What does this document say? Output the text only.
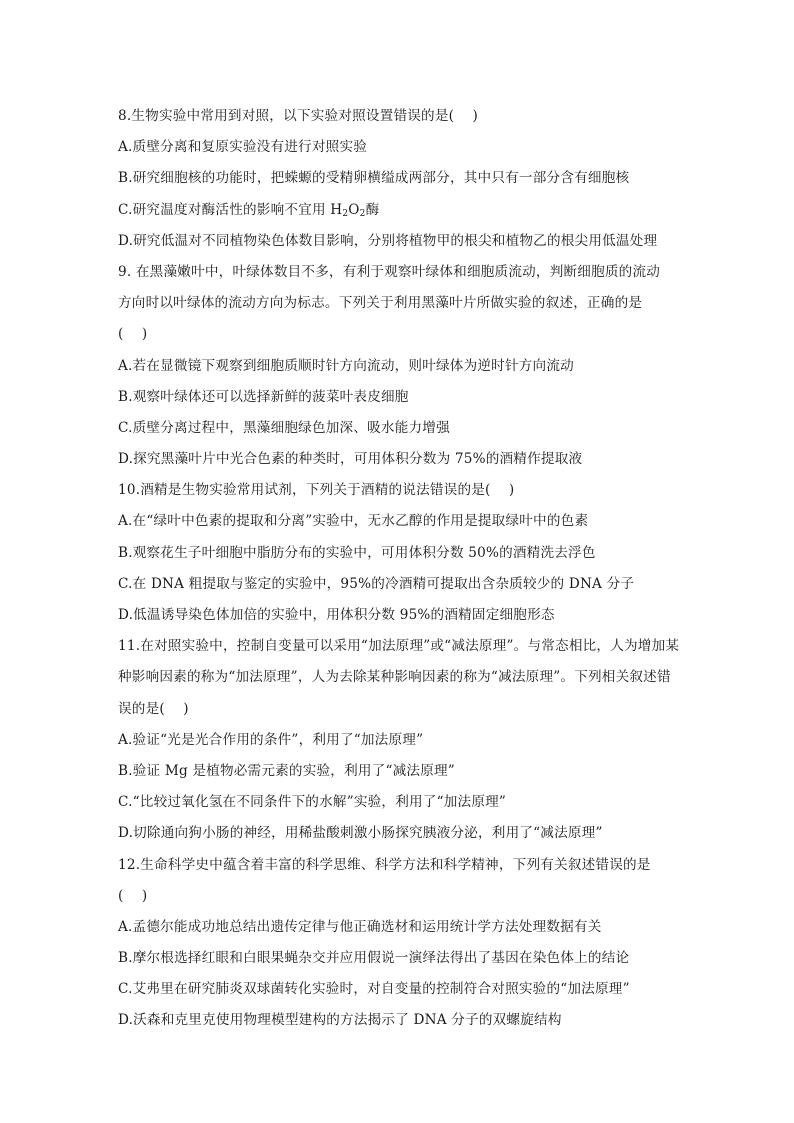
8.生物实验中常用到对照，以下实验对照设置错误的是(　 )
A.质壁分离和复原实验没有进行对照实验
B.研究细胞核的功能时，把蝾螈的受精卵横缢成两部分，其中只有一部分含有细胞核
C.研究温度对酶活性的影响不宜用 $H_2O_2$酶
D.研究低温对不同植物染色体数目影响，分别将植物甲的根尖和植物乙的根尖用低温处理
9. 在黑藻嫩叶中，叶绿体数目不多，有利于观察叶绿体和细胞质流动，判断细胞质的流动
方向时以叶绿体的流动方向为标志。下列关于利用黑藻叶片所做实验的叙述，正确的是
(　 )
A.若在显微镜下观察到细胞质顺时针方向流动，则叶绿体为逆时针方向流动
B.观察叶绿体还可以选择新鲜的菠菜叶表皮细胞
C.质壁分离过程中，黑藻细胞绿色加深、吸水能力增强
D.探究黑藻叶片中光合色素的种类时，可用体积分数为 75%的酒精作提取液
10.酒精是生物实验常用试剂，下列关于酒精的说法错误的是(　 )
A.在“绿叶中色素的提取和分离”实验中，无水乙醇的作用是提取绿叶中的色素
B.观察花生子叶细胞中脂肪分布的实验中，可用体积分数 50%的酒精洗去浮色
C.在 DNA 粗提取与鉴定的实验中，95%的冷酒精可提取出含杂质较少的 DNA 分子
D.低温诱导染色体加倍的实验中，用体积分数 95%的酒精固定细胞形态
11.在对照实验中，控制自变量可以采用“加法原理”或“减法原理”。与常态相比，人为增加某
种影响因素的称为“加法原理”，人为去除某种影响因素的称为“减法原理”。下列相关叙述错
误的是(　 )
A.验证“光是光合作用的条件”，利用了“加法原理”
B.验证 Mg 是植物必需元素的实验，利用了“减法原理”
C.“比较过氧化氢在不同条件下的水解”实验，利用了“加法原理”
D.切除通向狗小肠的神经，用稀盐酸刺激小肠探究胰液分泌，利用了“减法原理”
12.生命科学史中蕴含着丰富的科学思维、科学方法和科学精神，下列有关叙述错误的是
(　 )
A.孟德尔能成功地总结出遗传定律与他正确选材和运用统计学方法处理数据有关
B.摩尔根选择红眼和白眼果蝇杂交并应用假说一演绎法得出了基因在染色体上的结论
C.艾弗里在研究肺炎双球菌转化实验时，对自变量的控制符合对照实验的“加法原理”
D.沃森和克里克使用物理模型建构的方法揭示了 DNA 分子的双螺旋结构
